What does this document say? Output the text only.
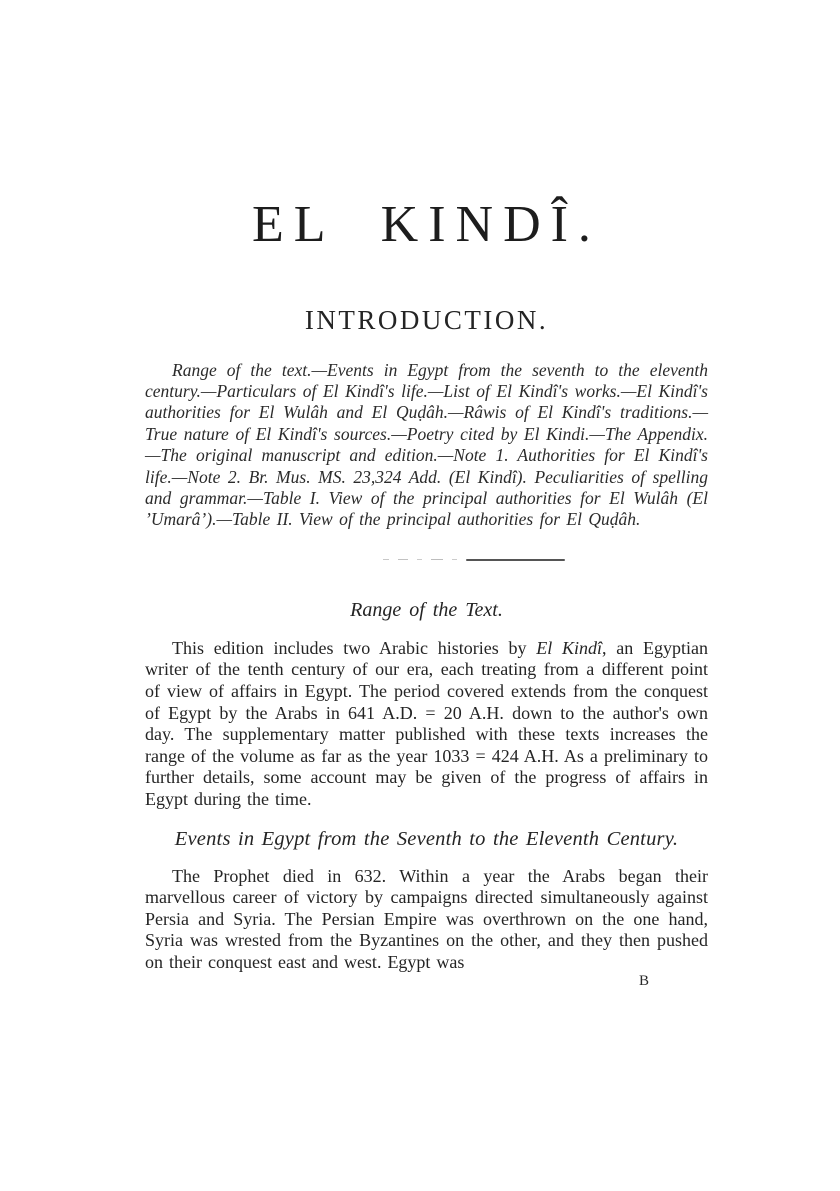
EL KINDÎ.
INTRODUCTION.

Range of the text.—Events in Egypt from the seventh to the eleventh century.—Particulars of El Kindî's life.—List of El Kindî's works.—El Kindî's authorities for El Wulâh and El Quḍâh.—Râwis of El Kindî's traditions.—True nature of El Kindî's sources.—Poetry cited by El Kindi.—The Appendix.—The original manuscript and edition.—Note 1. Authorities for El Kindî's life.—Note 2. Br. Mus. MS. 23,324 Add. (El Kindî). Peculiarities of spelling and grammar.—Table I. View of the principal authorities for El Wulâh (El ’Umarâ’).—Table II. View of the principal authorities for El Quḍâh.

Range of the Text.

This edition includes two Arabic histories by El Kindî, an Egyptian writer of the tenth century of our era, each treating from a different point of view of affairs in Egypt. The period covered extends from the conquest of Egypt by the Arabs in 641 A.D. = 20 A.H. down to the author's own day. The supplementary matter published with these texts increases the range of the volume as far as the year 1033 = 424 A.H. As a preliminary to further details, some account may be given of the progress of affairs in Egypt during the time.

Events in Egypt from the Seventh to the Eleventh Century.

The Prophet died in 632. Within a year the Arabs began their marvellous career of victory by campaigns directed simultaneously against Persia and Syria. The Persian Empire was overthrown on the one hand, Syria was wrested from the Byzantines on the other, and they then pushed on their conquest east and west. Egypt was

B
